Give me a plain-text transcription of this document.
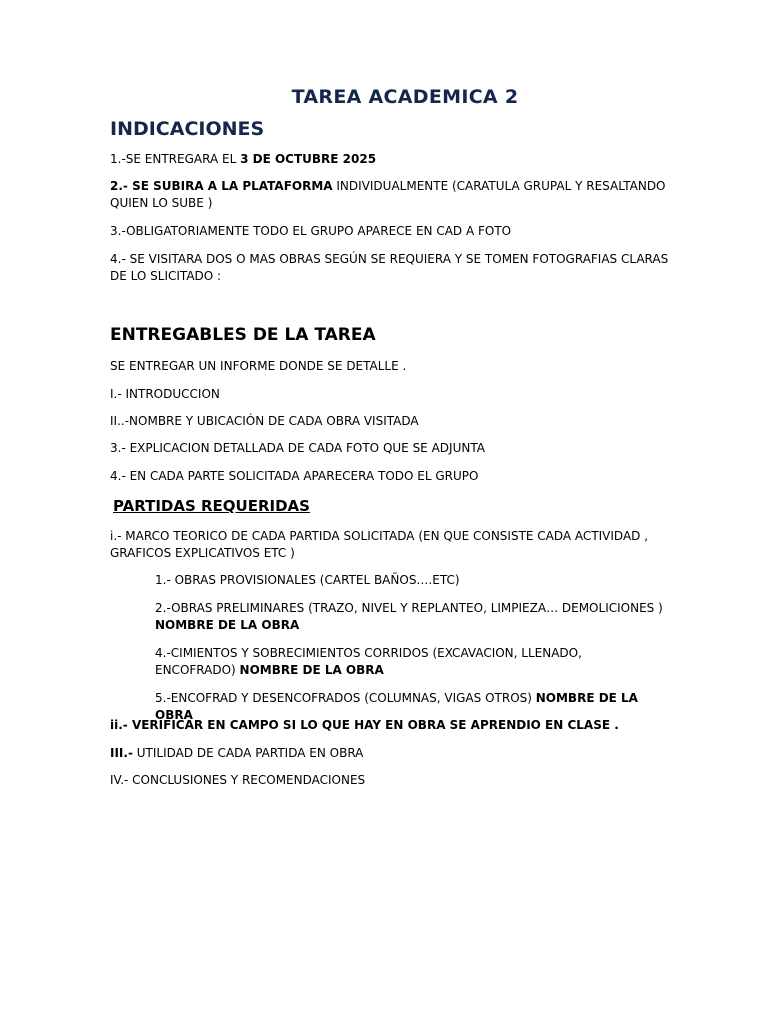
TAREA ACADEMICA 2
INDICACIONES

1.-SE ENTREGARA EL 3 DE OCTUBRE 2025

2.- SE SUBIRA A LA PLATAFORMA INDIVIDUALMENTE (CARATULA GRUPAL Y RESALTANDO QUIEN LO SUBE )

3.-OBLIGATORIAMENTE TODO EL GRUPO APARECE EN CAD A FOTO

4.- SE VISITARA DOS O MAS OBRAS SEGÚN SE REQUIERA Y SE TOMEN FOTOGRAFIAS CLARAS DE LO SLICITADO :

ENTREGABLES DE LA TAREA

SE ENTREGAR UN INFORME DONDE SE DETALLE .

I.- INTRODUCCION

II..-NOMBRE Y UBICACIÓN DE CADA OBRA VISITADA

3.- EXPLICACION DETALLADA DE CADA FOTO QUE SE ADJUNTA

4.- EN CADA PARTE SOLICITADA APARECERA TODO EL GRUPO

PARTIDAS REQUERIDAS

i.- MARCO TEORICO DE CADA PARTIDA SOLICITADA (EN QUE CONSISTE CADA ACTIVIDAD , GRAFICOS EXPLICATIVOS ETC )

1.- OBRAS PROVISIONALES (CARTEL BAÑOS….ETC)

2.-OBRAS PRELIMINARES (TRAZO, NIVEL Y REPLANTEO, LIMPIEZA… DEMOLICIONES ) NOMBRE DE LA OBRA

4.-CIMIENTOS Y SOBRECIMIENTOS CORRIDOS (EXCAVACION, LLENADO, ENCOFRADO) NOMBRE DE LA OBRA

5.-ENCOFRAD Y DESENCOFRADOS (COLUMNAS, VIGAS OTROS) NOMBRE DE LA OBRA

ii.- VERIFICAR EN CAMPO SI LO QUE HAY EN OBRA SE APRENDIO EN CLASE .

III.- UTILIDAD DE CADA PARTIDA EN OBRA

IV.- CONCLUSIONES Y RECOMENDACIONES
